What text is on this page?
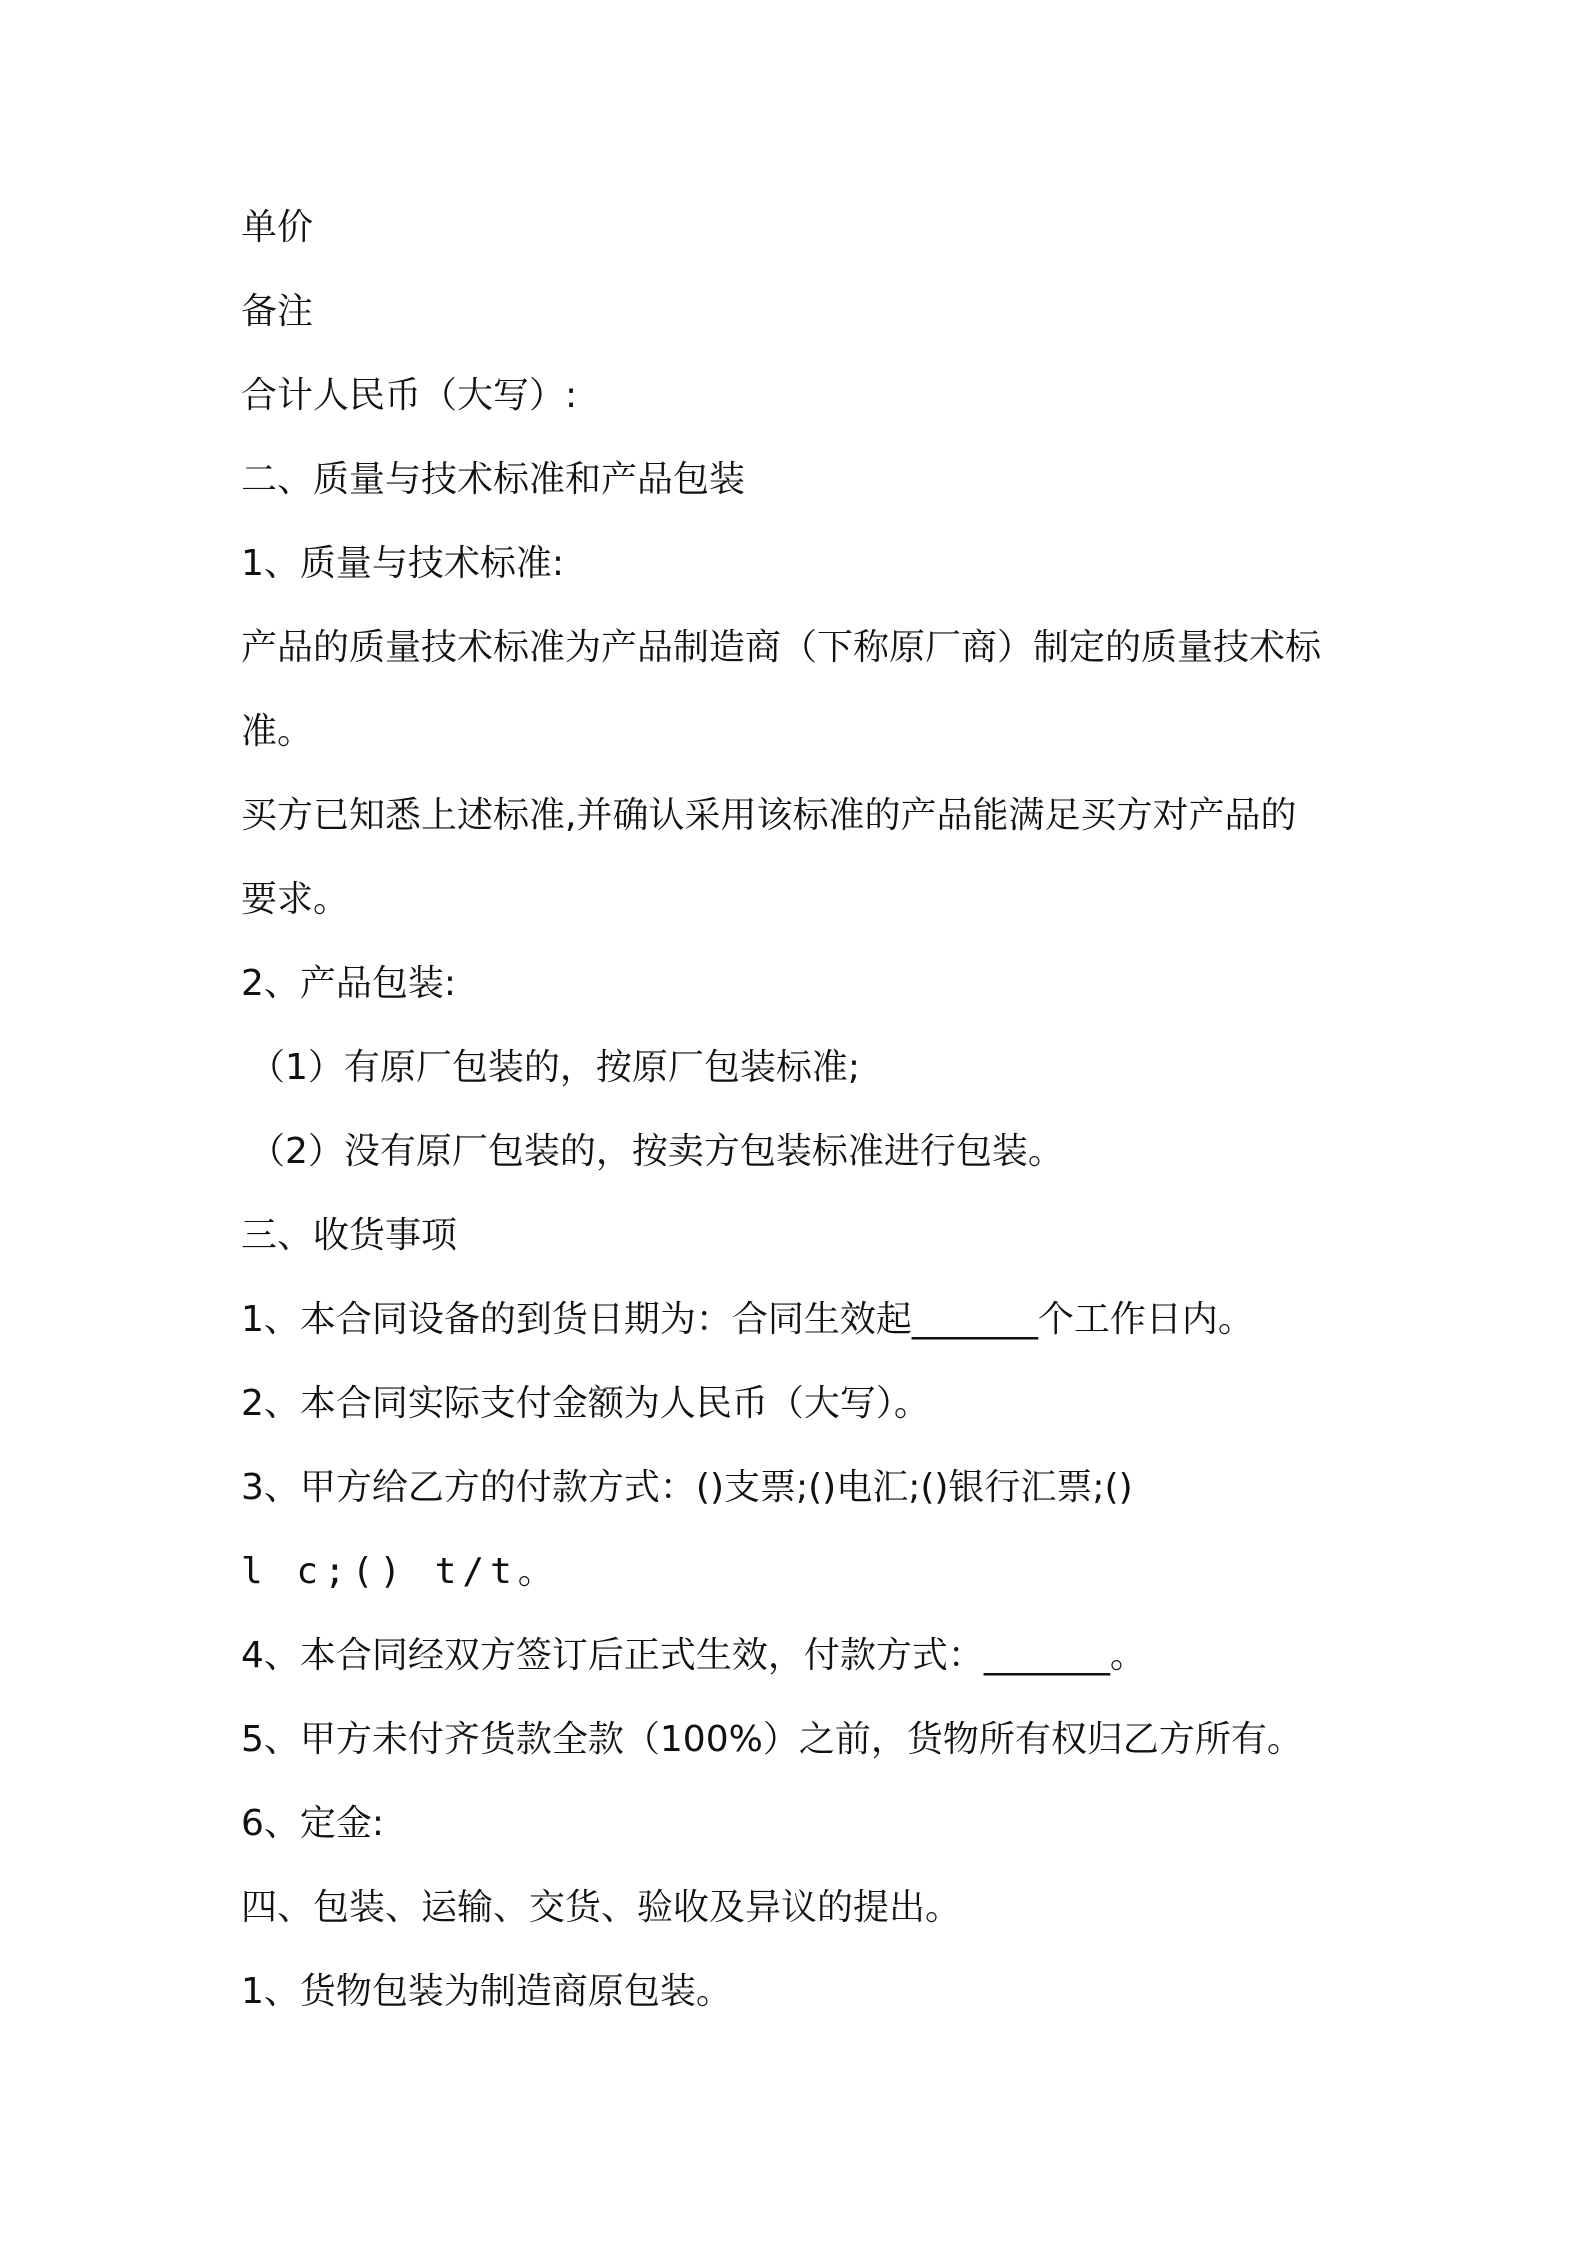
单价
备注
合计人民币（大写）:
二、质量与技术标准和产品包装
1、质量与技术标准:
产品的质量技术标准为产品制造商（下称原厂商）制定的质量技术标
准。
买方已知悉上述标准,并确认采用该标准的产品能满足买方对产品的
要求。
2、产品包装:
（1）有原厂包装的，按原厂包装标准;
（2）没有原厂包装的，按卖方包装标准进行包装。
三、收货事项
1、本合同设备的到货日期为：合同生效起_______个工作日内。
2、本合同实际支付金额为人民币（大写）。
3、甲方给乙方的付款方式：()支票;()电汇;()银行汇票;()
l c;() t/t。
4、本合同经双方签订后正式生效，付款方式：_______。
5、甲方未付齐货款全款（100%）之前，货物所有权归乙方所有。
6、定金:
四、包装、运输、交货、验收及异议的提出。
1、货物包装为制造商原包装。
